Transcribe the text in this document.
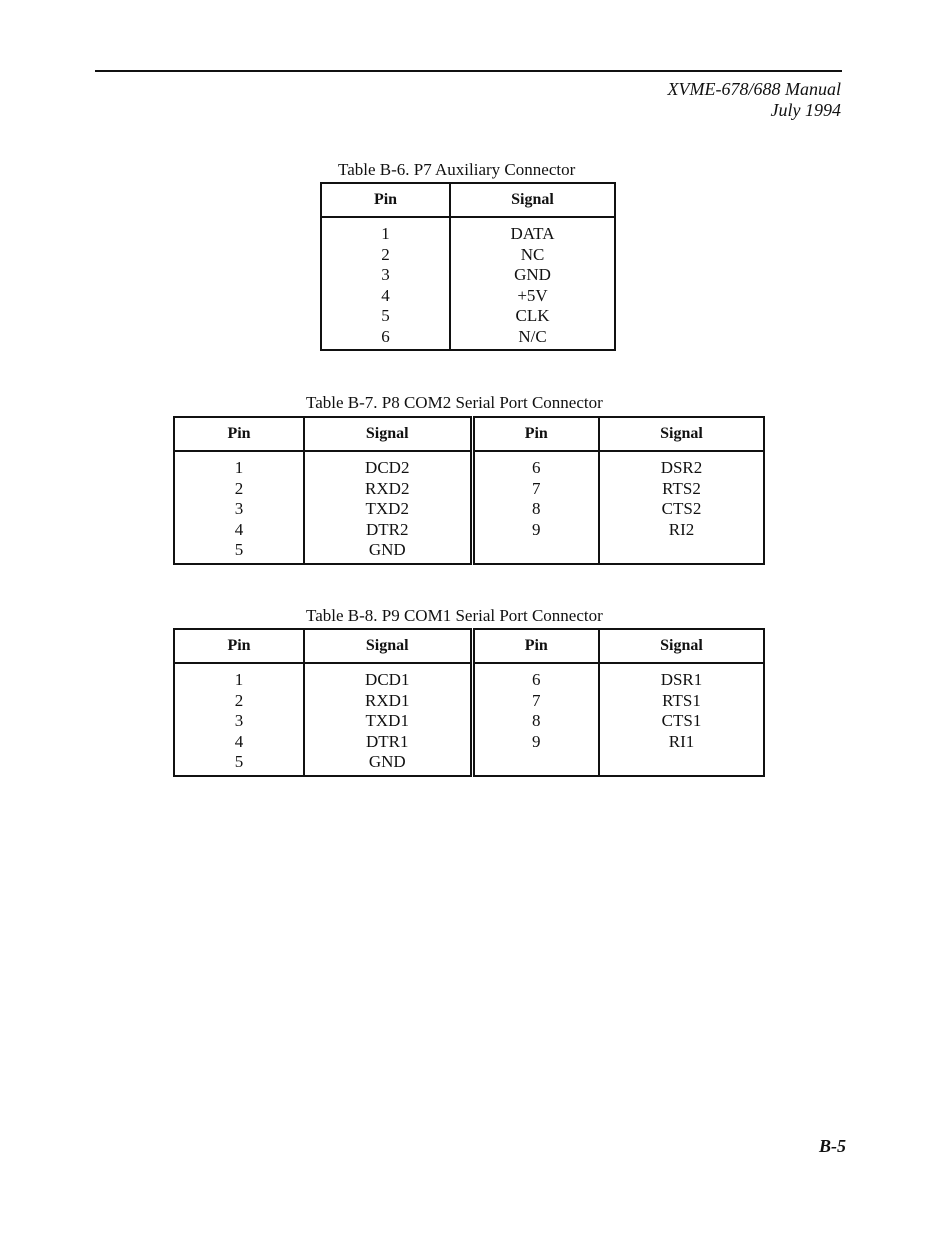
XVME-678/688 Manual
July 1994
Table B-6. P7 Auxiliary Connector
Pin	Signal
1	DATA
2	NC
3	GND
4	+5V
5	CLK
6	N/C
Table B-7. P8 COM2 Serial Port Connector
Pin	Signal	Pin	Signal
1	DCD2	6	DSR2
2	RXD2	7	RTS2
3	TXD2	8	CTS2
4	DTR2	9	RI2
5	GND		
Table B-8. P9 COM1 Serial Port Connector
Pin	Signal	Pin	Signal
1	DCD1	6	DSR1
2	RXD1	7	RTS1
3	TXD1	8	CTS1
4	DTR1	9	RI1
5	GND		
B-5
